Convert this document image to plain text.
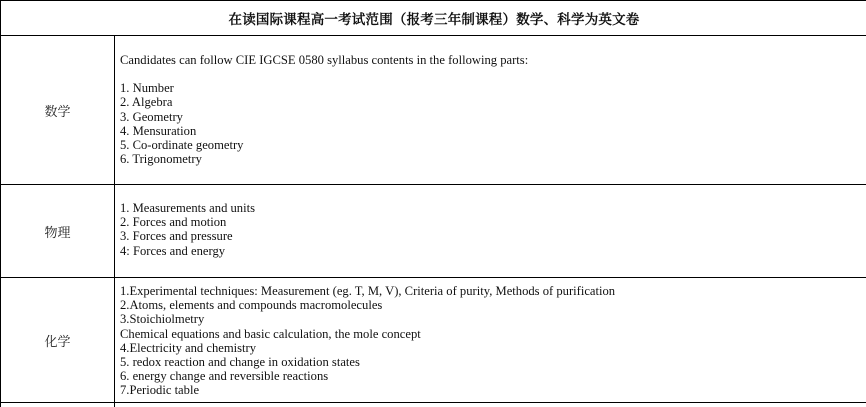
在读国际课程高一考试范围（报考三年制课程）数学、科学为英文卷
数学
Candidates can follow CIE IGCSE 0580 syllabus contents in the following parts:
1. Number
2. Algebra
3. Geometry
4. Mensuration
5. Co-ordinate geometry
6. Trigonometry
物理
1. Measurements and units
2. Forces and motion
3. Forces and pressure
4: Forces and energy
化学
1.Experimental techniques: Measurement (eg. T, M, V), Criteria of purity, Methods of purification
2.Atoms, elements and compounds macromolecules
3.Stoichiolmetry
Chemical equations and basic calculation, the mole concept
4.Electricity and chemistry
5. redox reaction and change in oxidation states
6. energy change and reversible reactions
7.Periodic table
